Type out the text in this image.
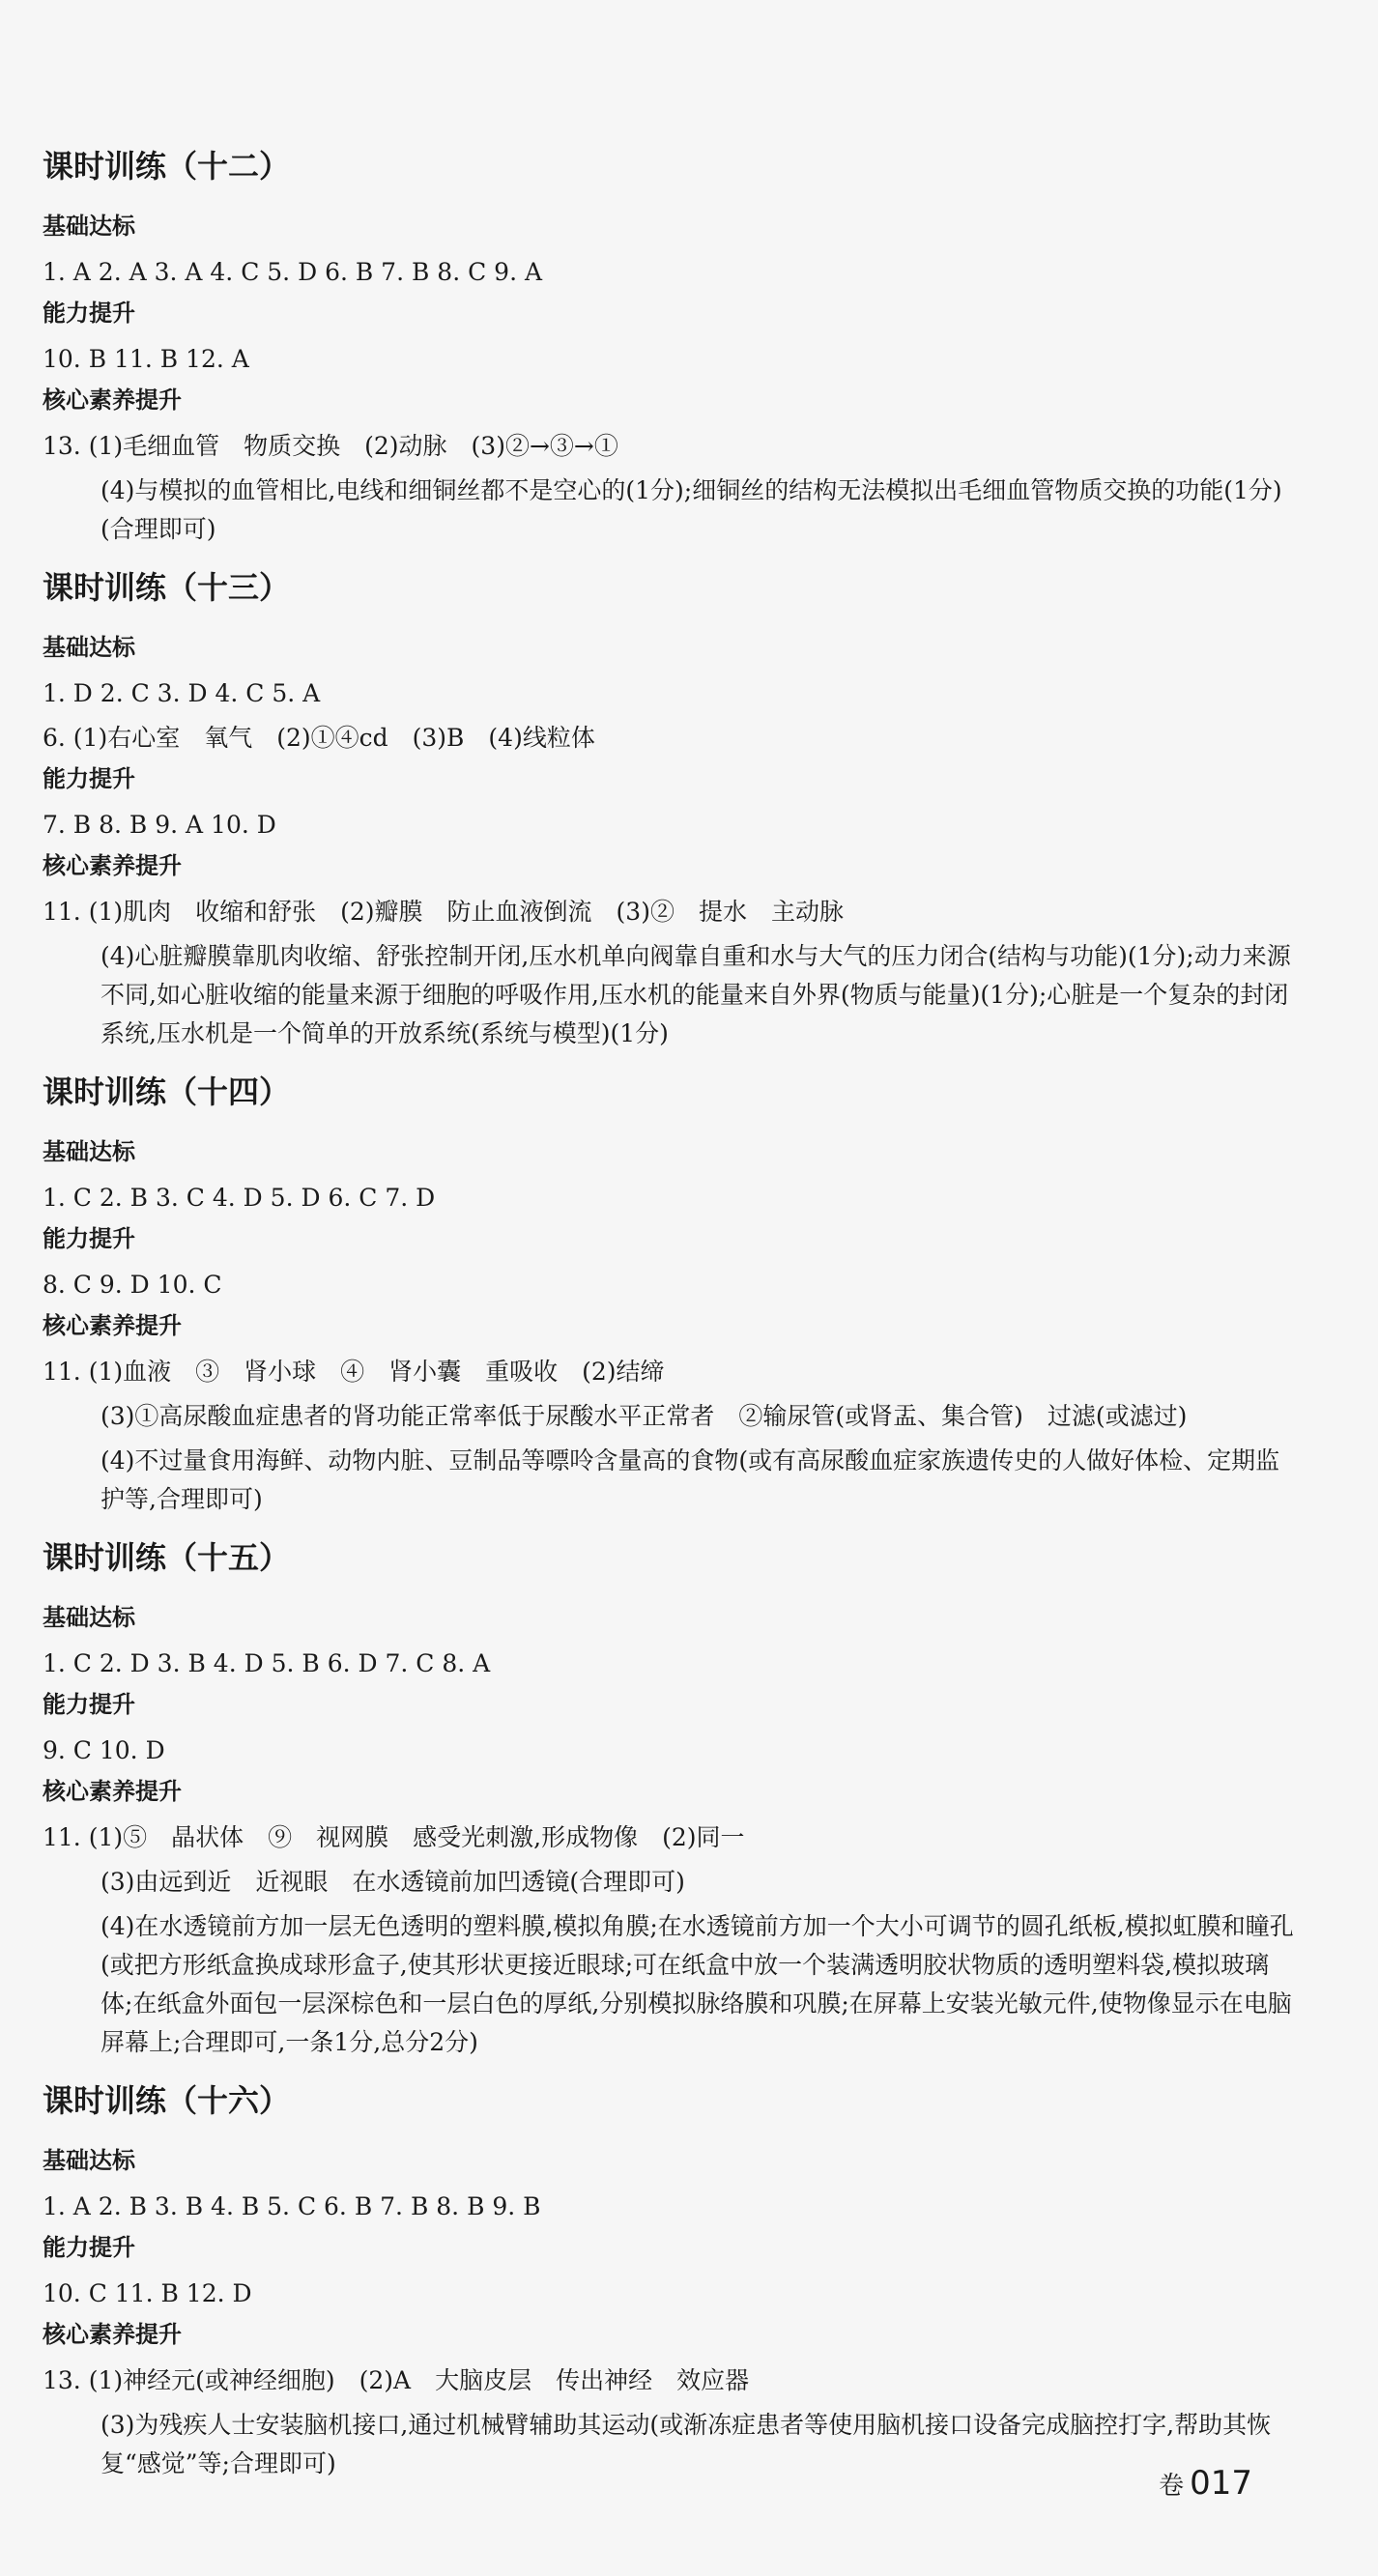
课时训练（十二）
基础达标
1. A 2. A 3. A 4. C 5. D 6. B 7. B 8. C 9. A
能力提升
10. B 11. B 12. A
核心素养提升
13. (1)毛细血管　物质交换　(2)动脉　(3)②→③→①
(4)与模拟的血管相比,电线和细铜丝都不是空心的(1分);细铜丝的结构无法模拟出毛细血管物质交换的功能(1分)(合理即可)
课时训练（十三）
基础达标
1. D 2. C 3. D 4. C 5. A
6. (1)右心室　氧气　(2)①④cd　(3)B　(4)线粒体
能力提升
7. B 8. B 9. A 10. D
核心素养提升
11. (1)肌肉　收缩和舒张　(2)瓣膜　防止血液倒流　(3)②　提水　主动脉
(4)心脏瓣膜靠肌肉收缩、舒张控制开闭,压水机单向阀靠自重和水与大气的压力闭合(结构与功能)(1分);动力来源不同,如心脏收缩的能量来源于细胞的呼吸作用,压水机的能量来自外界(物质与能量)(1分);心脏是一个复杂的封闭系统,压水机是一个简单的开放系统(系统与模型)(1分)
课时训练（十四）
基础达标
1. C 2. B 3. C 4. D 5. D 6. C 7. D
能力提升
8. C 9. D 10. C
核心素养提升
11. (1)血液　③　肾小球　④　肾小囊　重吸收　(2)结缔
(3)①高尿酸血症患者的肾功能正常率低于尿酸水平正常者　②输尿管(或肾盂、集合管)　过滤(或滤过)
(4)不过量食用海鲜、动物内脏、豆制品等嘌呤含量高的食物(或有高尿酸血症家族遗传史的人做好体检、定期监护等,合理即可)
课时训练（十五）
基础达标
1. C 2. D 3. B 4. D 5. B 6. D 7. C 8. A
能力提升
9. C 10. D
核心素养提升
11. (1)⑤　晶状体　⑨　视网膜　感受光刺激,形成物像　(2)同一
(3)由远到近　近视眼　在水透镜前加凹透镜(合理即可)
(4)在水透镜前方加一层无色透明的塑料膜,模拟角膜;在水透镜前方加一个大小可调节的圆孔纸板,模拟虹膜和瞳孔(或把方形纸盒换成球形盒子,使其形状更接近眼球;可在纸盒中放一个装满透明胶状物质的透明塑料袋,模拟玻璃体;在纸盒外面包一层深棕色和一层白色的厚纸,分别模拟脉络膜和巩膜;在屏幕上安装光敏元件,使物像显示在电脑屏幕上;合理即可,一条1分,总分2分)
课时训练（十六）
基础达标
1. A 2. B 3. B 4. B 5. C 6. B 7. B 8. B 9. B
能力提升
10. C 11. B 12. D
核心素养提升
13. (1)神经元(或神经细胞)　(2)A　大脑皮层　传出神经　效应器
(3)为残疾人士安装脑机接口,通过机械臂辅助其运动(或渐冻症患者等使用脑机接口设备完成脑控打字,帮助其恢复“感觉”等;合理即可)
卷 017
